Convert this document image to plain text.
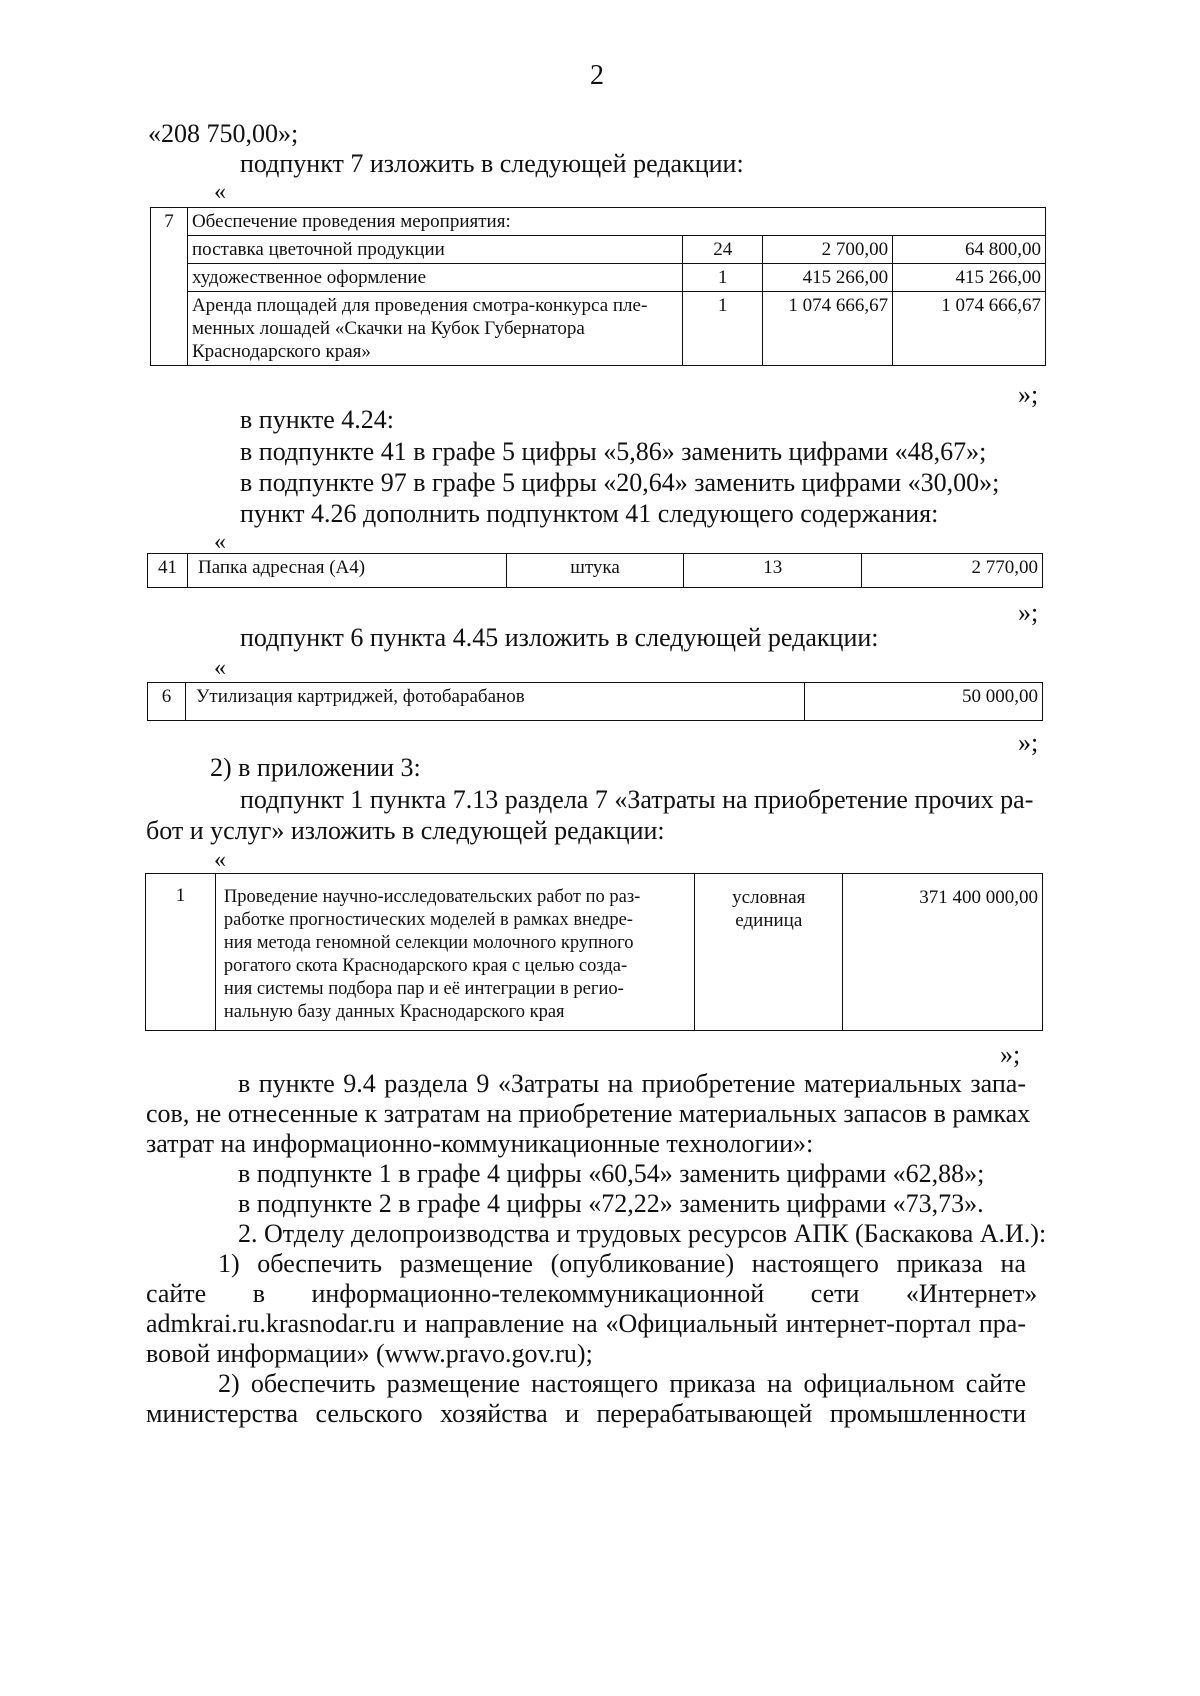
2
«208 750,00»;
подпункт 7 изложить в следующей редакции:
«
7	Обеспечение проведения мероприятия:			
	поставка цветочной продукции	24	2 700,00	64 800,00
	художественное оформление	1	415 266,00	415 266,00
	Аренда площадей для проведения смотра-конкурса пле-
менных лошадей «Скачки на Кубок Губернатора
Краснодарского края»	1	1 074 666,67	1 074 666,67
»;
в пункте 4.24:
в подпункте 41 в графе 5 цифры «5,86» заменить цифрами «48,67»;
в подпункте 97 в графе 5 цифры «20,64» заменить цифрами «30,00»;
пункт 4.26 дополнить подпунктом 41 следующего содержания:
«
41	Папка адресная (А4)	штука	13	2 770,00
»;
подпункт 6 пункта 4.45 изложить в следующей редакции:
«
6	Утилизация картриджей, фотобарабанов	50 000,00
»;
2) в приложении 3:
подпункт 1 пункта 7.13 раздела 7 «Затраты на приобретение прочих ра-
бот и услуг» изложить в следующей редакции:
«
1	Проведение научно-исследовательских работ по раз-
работке прогностических моделей в рамках внедре-
ния метода геномной селекции молочного крупного
рогатого скота Краснодарского края с целью созда-
ния системы подбора пар и её интеграции в регио-
нальную базу данных Краснодарского края	условная
единица	371 400 000,00
»;
в пункте 9.4 раздела 9 «Затраты на приобретение материальных запа-
сов, не отнесенные к затратам на приобретение материальных запасов в рамках
затрат на информационно-коммуникационные технологии»:
в подпункте 1 в графе 4 цифры «60,54» заменить цифрами «62,88»;
в подпункте 2 в графе 4 цифры «72,22» заменить цифрами «73,73».
2. Отделу делопроизводства и трудовых ресурсов АПК (Баскакова А.И.):
1) обеспечить размещение (опубликование) настоящего приказа на
сайте в информационно-телекоммуникационной сети «Интернет»
admkrai.ru.krasnodar.ru и направление на «Официальный интернет-портал пра-
вовой информации» (www.pravo.gov.ru);
2) обеспечить размещение настоящего приказа на официальном сайте
министерства сельского хозяйства и перерабатывающей промышленности
